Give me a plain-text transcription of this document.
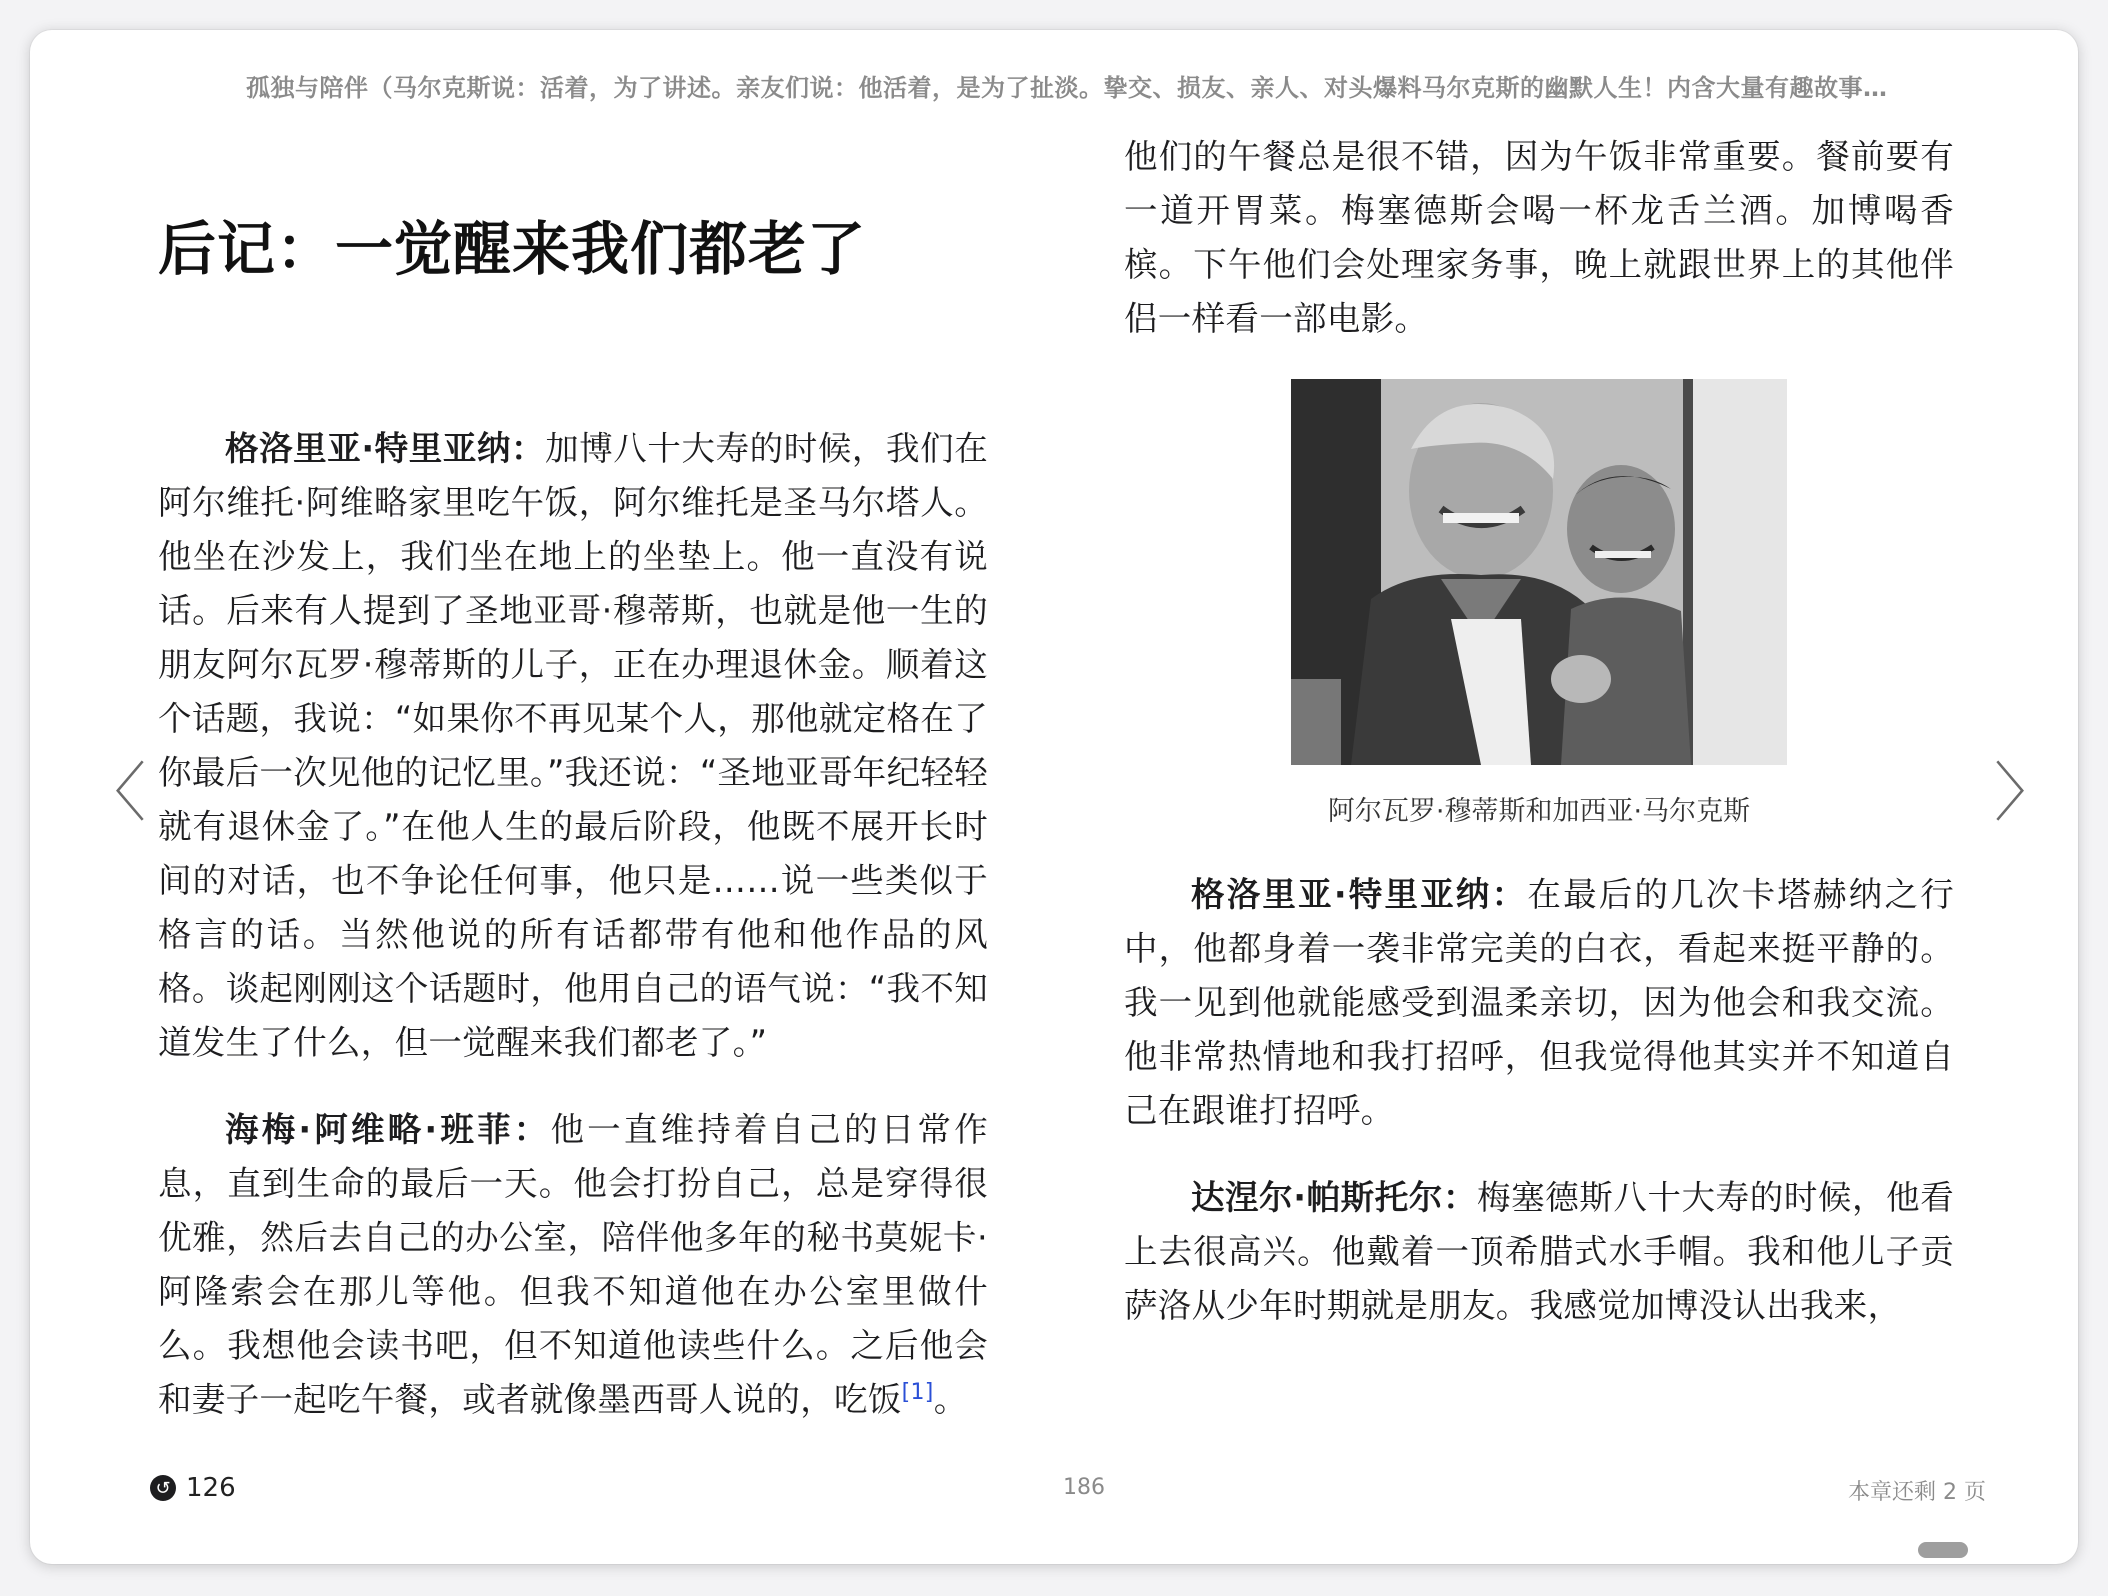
孤独与陪伴（马尔克斯说：活着，为了讲述。亲友们说：他活着，是为了扯淡。挚交、损友、亲人、对头爆料马尔克斯的幽默人生！内含大量有趣故事…
〈	〉
后记：一觉醒来我们都老了

格洛里亚·特里亚纳：加博八十大寿的时候，我们在阿尔维托·阿维略家里吃午饭，阿尔维托是圣马尔塔人。他坐在沙发上，我们坐在地上的坐垫上。他一直没有说话。后来有人提到了圣地亚哥·穆蒂斯，也就是他一生的朋友阿尔瓦罗·穆蒂斯的儿子，正在办理退休金。顺着这个话题，我说：“如果你不再见某个人，那他就定格在了你最后一次见他的记忆里。”我还说：“圣地亚哥年纪轻轻就有退休金了。”在他人生的最后阶段，他既不展开长时间的对话，也不争论任何事，他只是……说一些类似于格言的话。当然他说的所有话都带有他和他作品的风格。谈起刚刚这个话题时，他用自己的语气说：“我不知道发生了什么，但一觉醒来我们都老了。”

海梅·阿维略·班菲：他一直维持着自己的日常作息，直到生命的最后一天。他会打扮自己，总是穿得很优雅，然后去自己的办公室，陪伴他多年的秘书莫妮卡·阿隆索会在那儿等他。但我不知道他在办公室里做什么。我想他会读书吧，但不知道他读些什么。之后他会和妻子一起吃午餐，或者就像墨西哥人说的，吃饭[1]。

他们的午餐总是很不错，因为午饭非常重要。餐前要有一道开胃菜。梅塞德斯会喝一杯龙舌兰酒。加博喝香槟。下午他们会处理家务事，晚上就跟世界上的其他伴侣一样看一部电影。

阿尔瓦罗·穆蒂斯和加西亚·马尔克斯

格洛里亚·特里亚纳：在最后的几次卡塔赫纳之行中，他都身着一袭非常完美的白衣，看起来挺平静的。我一见到他就能感受到温柔亲切，因为他会和我交流。他非常热情地和我打招呼，但我觉得他其实并不知道自己在跟谁打招呼。

达涅尔·帕斯托尔：梅塞德斯八十大寿的时候，他看上去很高兴。他戴着一顶希腊式水手帽。我和他儿子贡萨洛从少年时期就是朋友。我感觉加博没认出我来，

↺ 126	186	本章还剩 2 页
